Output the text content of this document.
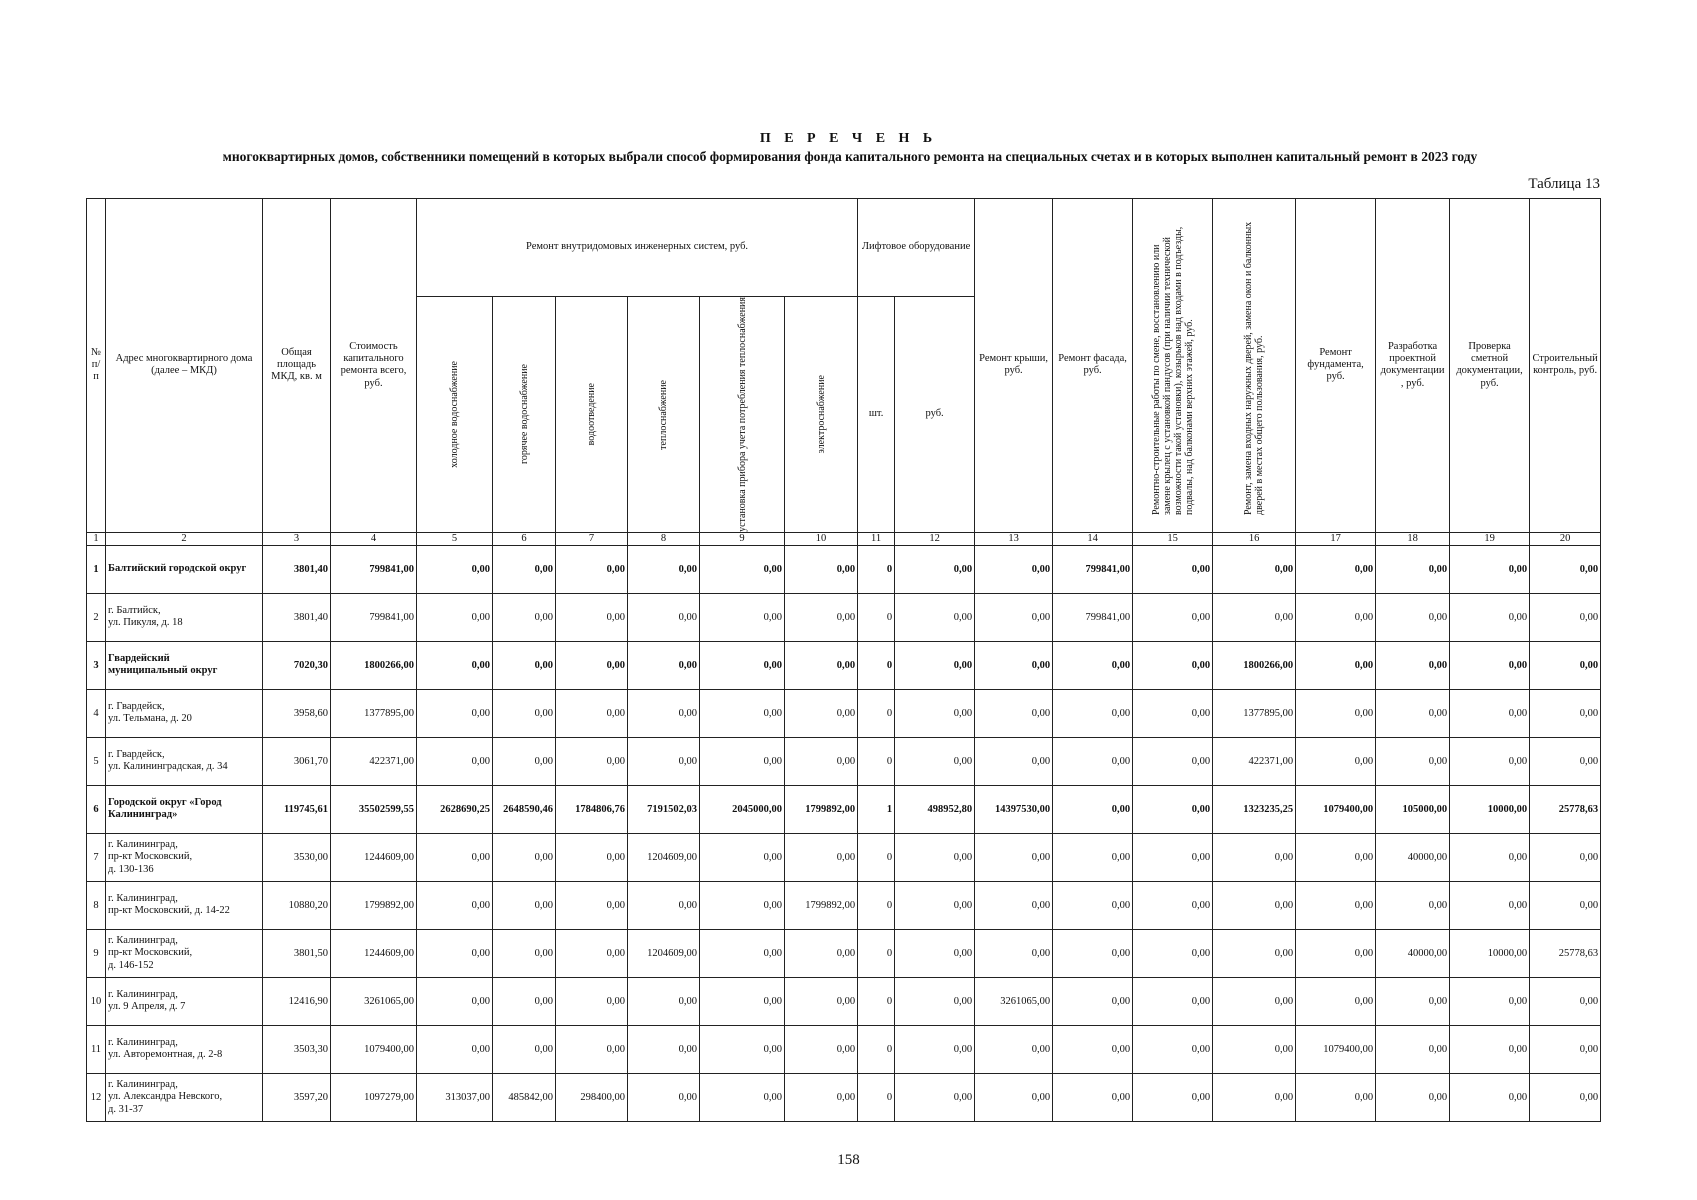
П Е Р Е Ч Е Н Ь
многоквартирных домов, собственники помещений в которых выбрали способ формирования фонда капитального ремонта на специальных счетах и в которых выполнен капитальный ремонт в 2023 году
Таблица 13
№ п/п	Адрес многоквартирного дома (далее – МКД)	Общая площадь МКД, кв. м	Стоимость капитального ремонта всего, руб.	Ремонт внутридомовых инженерных систем, руб.						Лифтовое оборудование		Ремонт крыши, руб.	Ремонт фасада, руб.	Ремонтно-строительные работы по смене, восстановлению или замене крылец с установкой пандусов (при наличии технической возможности такой установки), козырьков над входами в подъезды, подвалы, над балконами верхних этажей, руб.	Ремонт, замена входных наружных дверей, замена окон и балконных дверей в местах общего пользования, руб.	Ремонт фундамента, руб.	Разработка проектной документации , руб.	Проверка сметной документации, руб.	Строительный контроль, руб.

				холодное водоснабжение	горячее водоснабжение	водоотведение	теплоснабжение	установка прибора учета потребления теплоснабжения	электроснабжение	шт.	руб.								
1	2	3	4	5	6	7	8	9	10	11	12	13	14	15	16	17	18	19	20
1	Балтийский городской округ	3801,40	799841,00	0,00	0,00	0,00	0,00	0,00	0,00	0	0,00	0,00	799841,00	0,00	0,00	0,00	0,00	0,00	0,00
2	г. Балтийск,
ул. Пикуля, д. 18	3801,40	799841,00	0,00	0,00	0,00	0,00	0,00	0,00	0	0,00	0,00	799841,00	0,00	0,00	0,00	0,00	0,00	0,00
3	Гвардейский
муниципальный округ	7020,30	1800266,00	0,00	0,00	0,00	0,00	0,00	0,00	0	0,00	0,00	0,00	0,00	1800266,00	0,00	0,00	0,00	0,00
4	г. Гвардейск,
ул. Тельмана, д. 20	3958,60	1377895,00	0,00	0,00	0,00	0,00	0,00	0,00	0	0,00	0,00	0,00	0,00	1377895,00	0,00	0,00	0,00	0,00
5	г. Гвардейск,
ул. Калининградская, д. 34	3061,70	422371,00	0,00	0,00	0,00	0,00	0,00	0,00	0	0,00	0,00	0,00	0,00	422371,00	0,00	0,00	0,00	0,00
6	Городской округ «Город
Калининград»	119745,61	35502599,55	2628690,25	2648590,46	1784806,76	7191502,03	2045000,00	1799892,00	1	498952,80	14397530,00	0,00	0,00	1323235,25	1079400,00	105000,00	10000,00	25778,63
7	г. Калининград,
пр-кт Московский,
д. 130-136	3530,00	1244609,00	0,00	0,00	0,00	1204609,00	0,00	0,00	0	0,00	0,00	0,00	0,00	0,00	0,00	40000,00	0,00	0,00
8	г. Калининград,
пр-кт Московский, д. 14-22	10880,20	1799892,00	0,00	0,00	0,00	0,00	0,00	1799892,00	0	0,00	0,00	0,00	0,00	0,00	0,00	0,00	0,00	0,00
9	г. Калининград,
пр-кт Московский,
д. 146-152	3801,50	1244609,00	0,00	0,00	0,00	1204609,00	0,00	0,00	0	0,00	0,00	0,00	0,00	0,00	0,00	40000,00	10000,00	25778,63
10	г. Калининград,
ул. 9 Апреля, д. 7	12416,90	3261065,00	0,00	0,00	0,00	0,00	0,00	0,00	0	0,00	3261065,00	0,00	0,00	0,00	0,00	0,00	0,00	0,00
11	г. Калининград,
ул. Авторемонтная, д. 2-8	3503,30	1079400,00	0,00	0,00	0,00	0,00	0,00	0,00	0	0,00	0,00	0,00	0,00	0,00	1079400,00	0,00	0,00	0,00
12	г. Калининград,
ул. Александра Невского,
д. 31-37	3597,20	1097279,00	313037,00	485842,00	298400,00	0,00	0,00	0,00	0	0,00	0,00	0,00	0,00	0,00	0,00	0,00	0,00	0,00
158
